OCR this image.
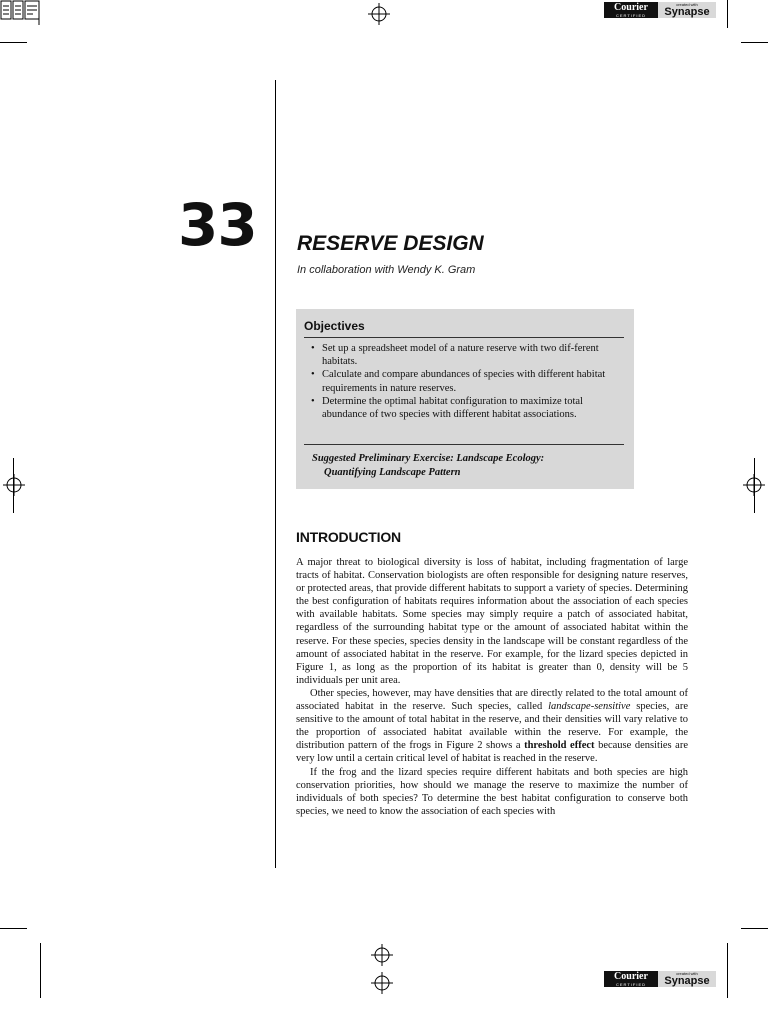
Courier
CERTIFIED
created with
Synapse
Courier
CERTIFIED
created with
Synapse
33 RESERVE DESIGN
In collaboration with Wendy K. Gram
Objectives
• Set up a spreadsheet model of a nature reserve with two dif-ferent habitats.
• Calculate and compare abundances of species with different habitat requirements in nature reserves.
• Determine the optimal habitat configuration to maximize total abundance of two species with different habitat associations.
Suggested Preliminary Exercise: Landscape Ecology:
Quantifying Landscape Pattern
INTRODUCTION

A major threat to biological diversity is loss of habitat, including fragmentation of large tracts of habitat. Conservation biologists are often responsible for designing nature reserves, or protected areas, that provide different habitats to support a variety of species. Determining the best configuration of habitats requires information about the association of each species with available habitats. Some species may simply require a patch of associated habitat, regardless of the surrounding habitat type or the amount of associated habitat within the reserve. For these species, species density in the landscape will be constant regardless of the amount of associated habitat in the reserve. For example, for the lizard species depicted in Figure 1, as long as the proportion of its habitat is greater than 0, density will be 5 individuals per unit area.

Other species, however, may have densities that are directly related to the total amount of associated habitat in the reserve. Such species, called landscape-sensitive species, are sensitive to the amount of total habitat in the reserve, and their densities will vary relative to the proportion of associated habitat available within the reserve. For example, the distribution pattern of the frogs in Figure 2 shows a threshold effect because densities are very low until a certain critical level of habitat is reached in the reserve.

If the frog and the lizard species require different habitats and both species are high conservation priorities, how should we manage the reserve to maximize the number of individuals of both species? To determine the best habitat configuration to conserve both species, we need to know the association of each species with
